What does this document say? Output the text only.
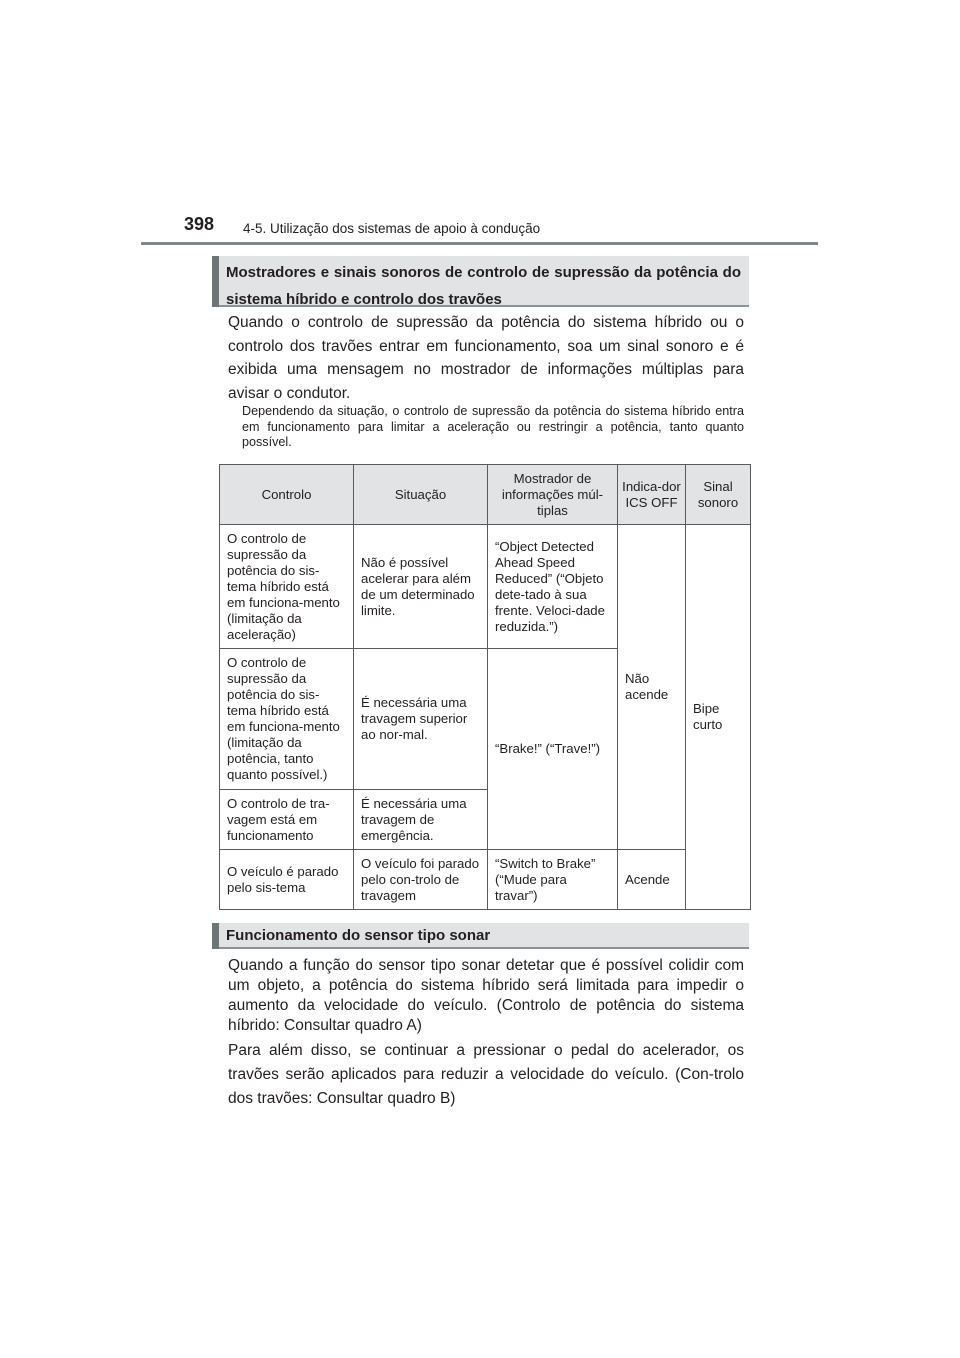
398 4-5. Utilização dos sistemas de apoio à condução
Mostradores e sinais sonoros de controlo de supressão da potência do sistema híbrido e controlo dos travões
Quando o controlo de supressão da potência do sistema híbrido ou o controlo dos travões entrar em funcionamento, soa um sinal sonoro e é exibida uma mensagem no mostrador de informações múltiplas para avisar o condutor.
Dependendo da situação, o controlo de supressão da potência do sistema híbrido entra em funcionamento para limitar a aceleração ou restringir a potência, tanto quanto possível.
Controlo	Situação	Mostrador de informações múl-tiplas	Indica-dor ICS OFF	Sinal sonoro
O controlo de supressão da potência do sis-tema híbrido está em funciona-mento (limitação da aceleração)	Não é possível acelerar para além de um determinado limite.	“Object Detected Ahead Speed Reduced” (“Objeto dete-tado à sua frente. Veloci-dade reduzida.”)	Não acende	Bipe curto
O controlo de supressão da potência do sis-tema híbrido está em funciona-mento (limitação da potência, tanto quanto possível.)	É necessária uma travagem superior ao nor-mal.	“Brake!” (“Trave!”)		
O controlo de tra-vagem está em funcionamento	É necessária uma travagem de emergência.			
O veículo é parado pelo sis-tema	O veículo foi parado pelo con-trolo de travagem	“Switch to Brake” (“Mude para travar”)	Acende	
Funcionamento do sensor tipo sonar
Quando a função do sensor tipo sonar detetar que é possível colidir com um objeto, a potência do sistema híbrido será limitada para impedir o aumento da velocidade do veículo. (Controlo de potência do sistema híbrido: Consultar quadro A)
Para além disso, se continuar a pressionar o pedal do acelerador, os travões serão aplicados para reduzir a velocidade do veículo. (Con-trolo dos travões: Consultar quadro B)
